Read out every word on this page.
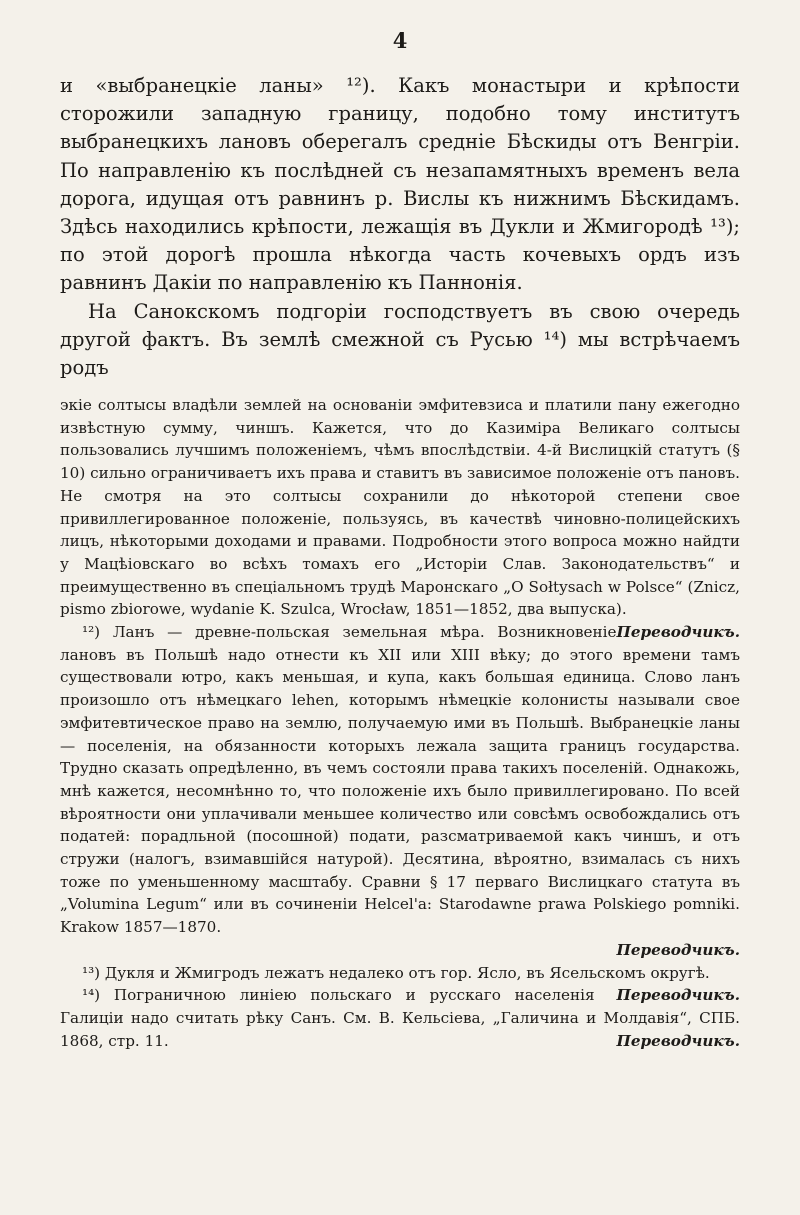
4

и «выбранецкіе ланы» ¹²). Какъ монастыри и крѣпости сторожили западную границу, подобно тому институтъ выбранецкихъ лановъ оберегалъ средніе Бѣскиды отъ Венгріи. По направленію къ послѣдней съ незапамятныхъ временъ вела дорога, идущая отъ равнинъ р. Вислы къ нижнимъ Бѣскидамъ. Здѣсь находились крѣпости, лежащія въ Дукли и Жмигородѣ ¹³); по этой дорогѣ прошла нѣкогда часть кочевыхъ ордъ изъ равнинъ Дакіи по направленію къ Паннонія.

На Санокскомъ подгоріи господствуетъ въ свою очередь другой фактъ. Въ землѣ смежной съ Русью ¹⁴) мы встрѣчаемъ родъ

экіе солтысы владѣли землей на основаніи эмфитевзиса и платили пану ежегодно извѣстную сумму, чиншъ. Кажется, что до Казиміра Великаго солтысы пользовались лучшимъ положеніемъ, чѣмъ впослѣдствіи. 4-й Вислицкій статутъ (§ 10) сильно ограничиваетъ ихъ права и ставитъ въ зависимое положеніе отъ пановъ. Не смотря на это солтысы сохранили до нѣкоторой степени свое привиллегированное положеніе, пользуясь, въ качествѣ чиновно-полицейскихъ лицъ, нѣкоторыми доходами и правами. Подробности этого вопроса можно найдти у Мацѣіовскаго во всѣхъ томахъ его „Исторіи Слав. Законодательствъ“ и преимущественно въ спеціальномъ трудѣ Маронскаго „O Sołtysach w Polsce“ (Znicz, pismo zbiorowe, wydanie K. Szulca, Wrocław, 1851—1852, два выпуска).
Переводчикъ.

¹²) Ланъ — древне-польская земельная мѣра. Возникновеніе лановъ въ Польшѣ надо отнести къ XII или XIII вѣку; до этого времени тамъ существовали ютро, какъ меньшая, и купа, какъ большая единица. Слово ланъ произошло отъ нѣмецкаго lehen, которымъ нѣмецкіе колонисты называли свое эмфитевтическое право на землю, получаемую ими въ Польшѣ. Выбранецкіе ланы — поселенія, на обязанности которыхъ лежала защита границъ государства. Трудно сказать опредѣленно, въ чемъ состояли права такихъ поселеній. Однакожь, мнѣ кажется, несомнѣнно то, что положеніе ихъ было привиллегировано. По всей вѣроятности они уплачивали меньшее количество или совсѣмъ освобождались отъ податей: порадльной (посошной) подати, разсматриваемой какъ чиншъ, и отъ стружи (налогъ, взимавшійся натурой). Десятина, вѣроятно, взималась съ нихъ тоже по уменьшенному масштабу. Сравни § 17 перваго Вислицкаго статута въ „Volumina Legum“ или въ сочиненіи Helcel'a: Starodawne prawa Polskiego pomniki. Krakow 1857—1870.
Переводчикъ.

¹³) Дукля и Жмигродъ лежатъ недалеко отъ гор. Ясло, въ Ясельскомъ округѣ.
Переводчикъ.

¹⁴) Пограничною линіею польскаго и русскаго населенія Галиціи надо считать рѣку Санъ. См. В. Кельсіева, „Галичина и Молдавія“, СПБ. 1868, стр. 11.	Переводчикъ.
